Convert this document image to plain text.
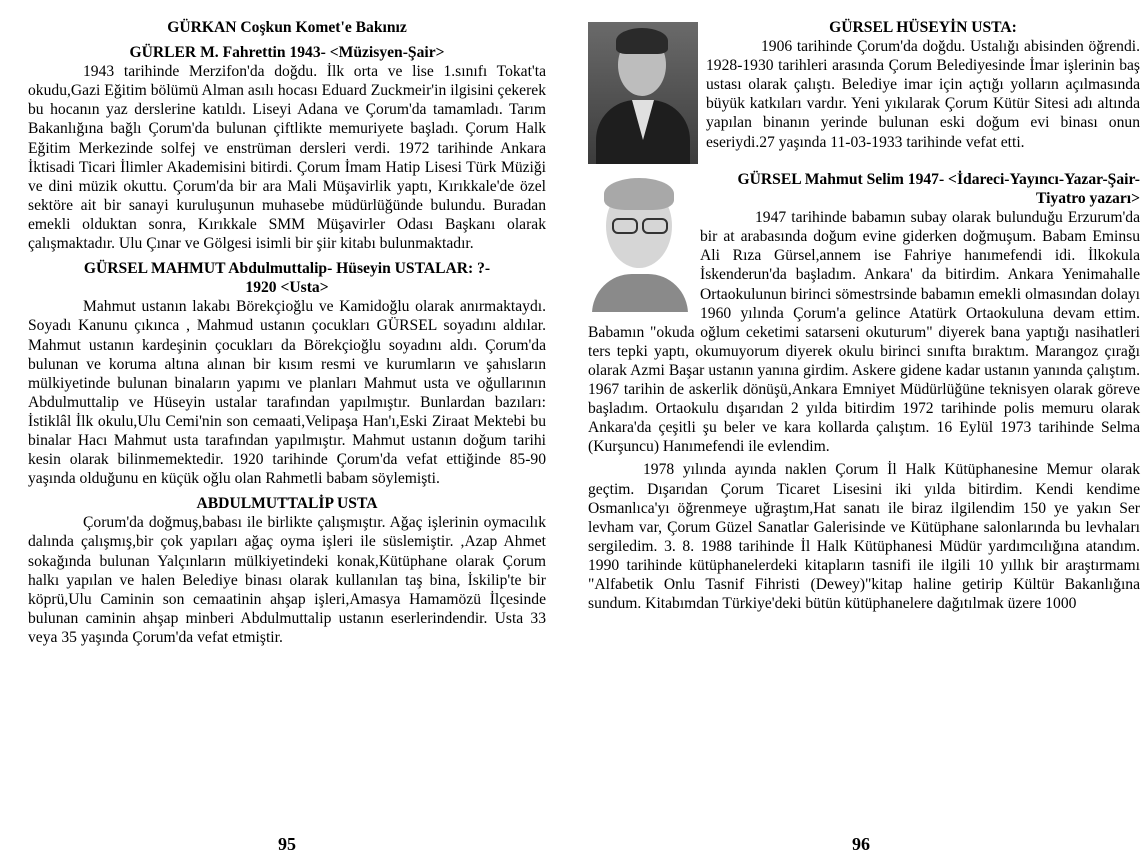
GÜRKAN Coşkun Komet'e Bakınız
GÜRLER M. Fahrettin 1943- <Müzisyen-Şair>

1943 tarihinde Merzifon'da doğdu. İlk orta ve lise 1.sınıfı Tokat'ta okudu,Gazi Eğitim bölümü Alman asılı hocası Eduard Zuckmeir'in ilgisini çekerek bu hocanın yaz derslerine katıldı. Liseyi Adana ve Çorum'da tamamladı. Tarım Bakanlığına bağlı Çorum'da bulunan çiftlikte memuriyete başladı. Çorum Halk Eğitim Merkezinde solfej ve enstrüman dersleri verdi. 1972 tarihinde Ankara İktisadi Ticari İlimler Akademisini bitirdi. Çorum İmam Hatip Lisesi Türk Müziği ve dini müzik okuttu. Çorum'da bir ara Mali Müşavirlik yaptı, Kırıkkale'de özel sektöre ait bir sanayi kuruluşunun muhasebe müdürlüğünde bulundu. Buradan emekli olduktan sonra, Kırıkkale SMM Müşavirler Odası Başkanı olarak çalışmaktadır. Ulu Çınar ve Gölgesi isimli bir şiir kitabı bulunmaktadır.

GÜRSEL MAHMUT Abdulmuttalip- Hüseyin USTALAR: ?-
1920 <Usta>

Mahmut ustanın lakabı Börekçioğlu ve Kamidoğlu olarak anırmaktaydı. Soyadı Kanunu çıkınca , Mahmud ustanın çocukları GÜRSEL soyadını aldılar. Mahmut ustanın kardeşinin çocukları da Börekçioğlu soyadını aldı. Çorum'da bulunan ve koruma altına alınan bir kısım resmi ve kurumların ve şahısların mülkiyetinde bulunan binaların yapımı ve planları Mahmut usta ve oğullarının Abdulmuttalip ve Hüseyin ustalar tarafından yapılmıştır. Bunlardan bazıları: İstiklâl İlk okulu,Ulu Cemi'nin son cemaati,Velipaşa Han'ı,Eski Ziraat Mektebi bu binalar Hacı Mahmut usta tarafından yapılmıştır. Mahmut ustanın doğum tarihi kesin olarak bilinmemektedir. 1920 tarihinde Çorum'da vefat ettiğinde 85-90 yaşında olduğunu en küçük oğlu olan Rahmetli babam söylemişti.

ABDULMUTTALİP USTA

Çorum'da doğmuş,babası ile birlikte çalışmıştır. Ağaç işlerinin oymacılık dalında çalışmış,bir çok yapıları ağaç oyma işleri ile süslemiştir. ,Azap Ahmet sokağında bulunan Yalçınların mülkiyetindeki konak,Kütüphane olarak Çorum halkı yapılan ve halen Belediye binası olarak kullanılan taş bina, İskilip'te bir köprü,Ulu Caminin son cemaatinin ahşap işleri,Amasya Hamamözü İlçesinde bulunan caminin ahşap minberi Abdulmuttalip ustanın eserlerindendir. Usta 33 veya 35 yaşında Çorum'da vefat etmiştir.

95
GÜRSEL HÜSEYİN USTA:

1906 tarihinde Çorum'da doğdu. Ustalığı abisinden öğrendi. 1928-1930 tarihleri arasında Çorum Belediyesinde İmar işlerinin baş ustası olarak çalıştı. Belediye imar için açtığı yolların açılmasında büyük katkıları vardır. Yeni yıkılarak Çorum Kütür Sitesi adı altında yapılan binanın yerinde bulunan eski doğum evi binası onun eseriydi.27 yaşında 11-03-1933 tarihinde vefat etti.

GÜRSEL Mahmut Selim 1947- <İdareci-Yayıncı-Yazar-Şair-Tiyatro yazarı>

1947 tarihinde babamın subay olarak bulunduğu Erzurum'da bir at arabasında doğum evine giderken doğmuşum. Babam Eminsu Ali Rıza Gürsel,annem ise Fahriye hanımefendi idi. İlkokula İskenderun'da başladım. Ankara' da bitirdim. Ankara Yenimahalle Ortaokulunun birinci sömestrsinde babamın emekli olmasından dolayı 1960 yılında Çorum'a gelince Atatürk Ortaokuluna devam ettim. Babamın "okuda oğlum ceketimi satarseni okuturum" diyerek bana yaptığı nasihatleri ters tepki yaptı, okumuyorum diyerek okulu birinci sınıfta bıraktım. Marangoz çırağı olarak Azmi Başar ustanın yanına girdim. Askere gidene kadar ustanın yanında çalıştım. 1967 tarihin de askerlik dönüşü,Ankara Emniyet Müdürlüğüne teknisyen olarak göreve başladım. Ortaokulu dışarıdan 2 yılda bitirdim 1972 tarihinde polis memuru olarak Ankara'da çeşitli şu beler ve kara kollarda çalıştım. 16 Eylül 1973 tarihinde Selma (Kurşuncu) Hanımefendi ile evlendim.

1978 yılında ayında naklen Çorum İl Halk Kütüphanesine Memur olarak geçtim. Dışarıdan Çorum Ticaret Lisesini iki yılda bitirdim. Kendi kendime Osmanlıca'yı öğrenmeye uğraştım,Hat sanatı ile biraz ilgilendim 150 ye yakın Ser levham var, Çorum Güzel Sanatlar Galerisinde ve Kütüphane salonlarında bu levhaları sergiledim. 3. 8. 1988 tarihinde İl Halk Kütüphanesi Müdür yardımcılığına atandım. 1990 tarihinde kütüphanelerdeki kitapların tasnifi ile ilgili 10 yıllık bir araştırmamı "Alfabetik Onlu Tasnif Fihristi (Dewey)"kitap haline getirip Kültür Bakanlığına sundum. Kitabımdan Türkiye'deki bütün kütüphanelere dağıtılmak üzere 1000

96
